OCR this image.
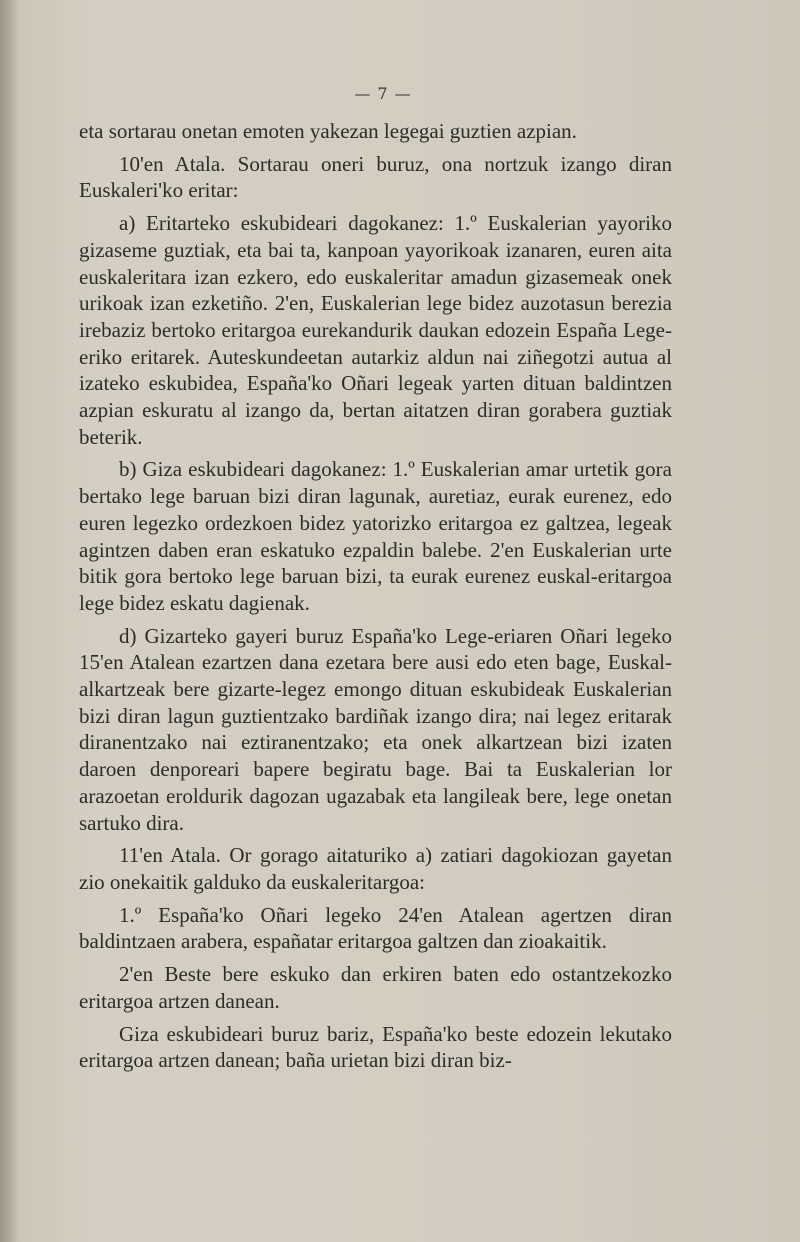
— 7 —

eta sortarau onetan emoten yakezan legegai guztien azpian.

10'en Atala. Sortarau oneri buruz, ona nortzuk izango diran Euskaleri'ko eritar:

a) Eritarteko eskubideari dagokanez: 1.º Euskalerian yayoriko gizaseme guztiak, eta bai ta, kanpoan yayorikoak izanaren, euren aita euskaleritara izan ezkero, edo euskaleritar amadun gizasemeak onek urikoak izan ezketiño. 2'en, Euskalerian lege bidez auzotasun berezia irebaziz bertoko eritargoa eurekandurik daukan edozein España Lege-eriko eritarek. Auteskundeetan autarkiz aldun nai ziñegotzi autua al izateko eskubidea, España'ko Oñari legeak yarten dituan baldintzen azpian eskuratu al izango da, bertan aitatzen diran gorabera guztiak beterik.

b) Giza eskubideari dagokanez: 1.º Euskalerian amar urtetik gora bertako lege baruan bizi diran lagunak, auretiaz, eurak eurenez, edo euren legezko ordezkoen bidez yatorizko eritargoa ez galtzea, legeak agintzen daben eran eskatuko ezpaldin balebe. 2'en Euskalerian urte bitik gora bertoko lege baruan bizi, ta eurak eurenez euskal-eritargoa lege bidez eskatu dagienak.

d) Gizarteko gayeri buruz España'ko Lege-eriaren Oñari legeko 15'en Atalean ezartzen dana ezetara bere ausi edo eten bage, Euskal-alkartzeak bere gizarte-legez emongo dituan eskubideak Euskalerian bizi diran lagun guztientzako bardiñak izango dira; nai legez eritarak diranentzako nai eztiranentzako; eta onek alkartzean bizi izaten daroen denporeari bapere begiratu bage. Bai ta Euskalerian lor arazoetan eroldurik dagozan ugazabak eta langileak bere, lege onetan sartuko dira.

11'en Atala. Or gorago aitaturiko a) zatiari dagokiozan gayetan zio onekaitik galduko da euskaleritargoa:

1.º España'ko Oñari legeko 24'en Atalean agertzen diran baldintzaen arabera, españatar eritargoa galtzen dan zioakaitik.

2'en Beste bere eskuko dan erkiren baten edo ostantzekozko eritargoa artzen danean.

Giza eskubideari buruz bariz, España'ko beste edozein lekutako eritargoa artzen danean; baña urietan bizi diran biz-
